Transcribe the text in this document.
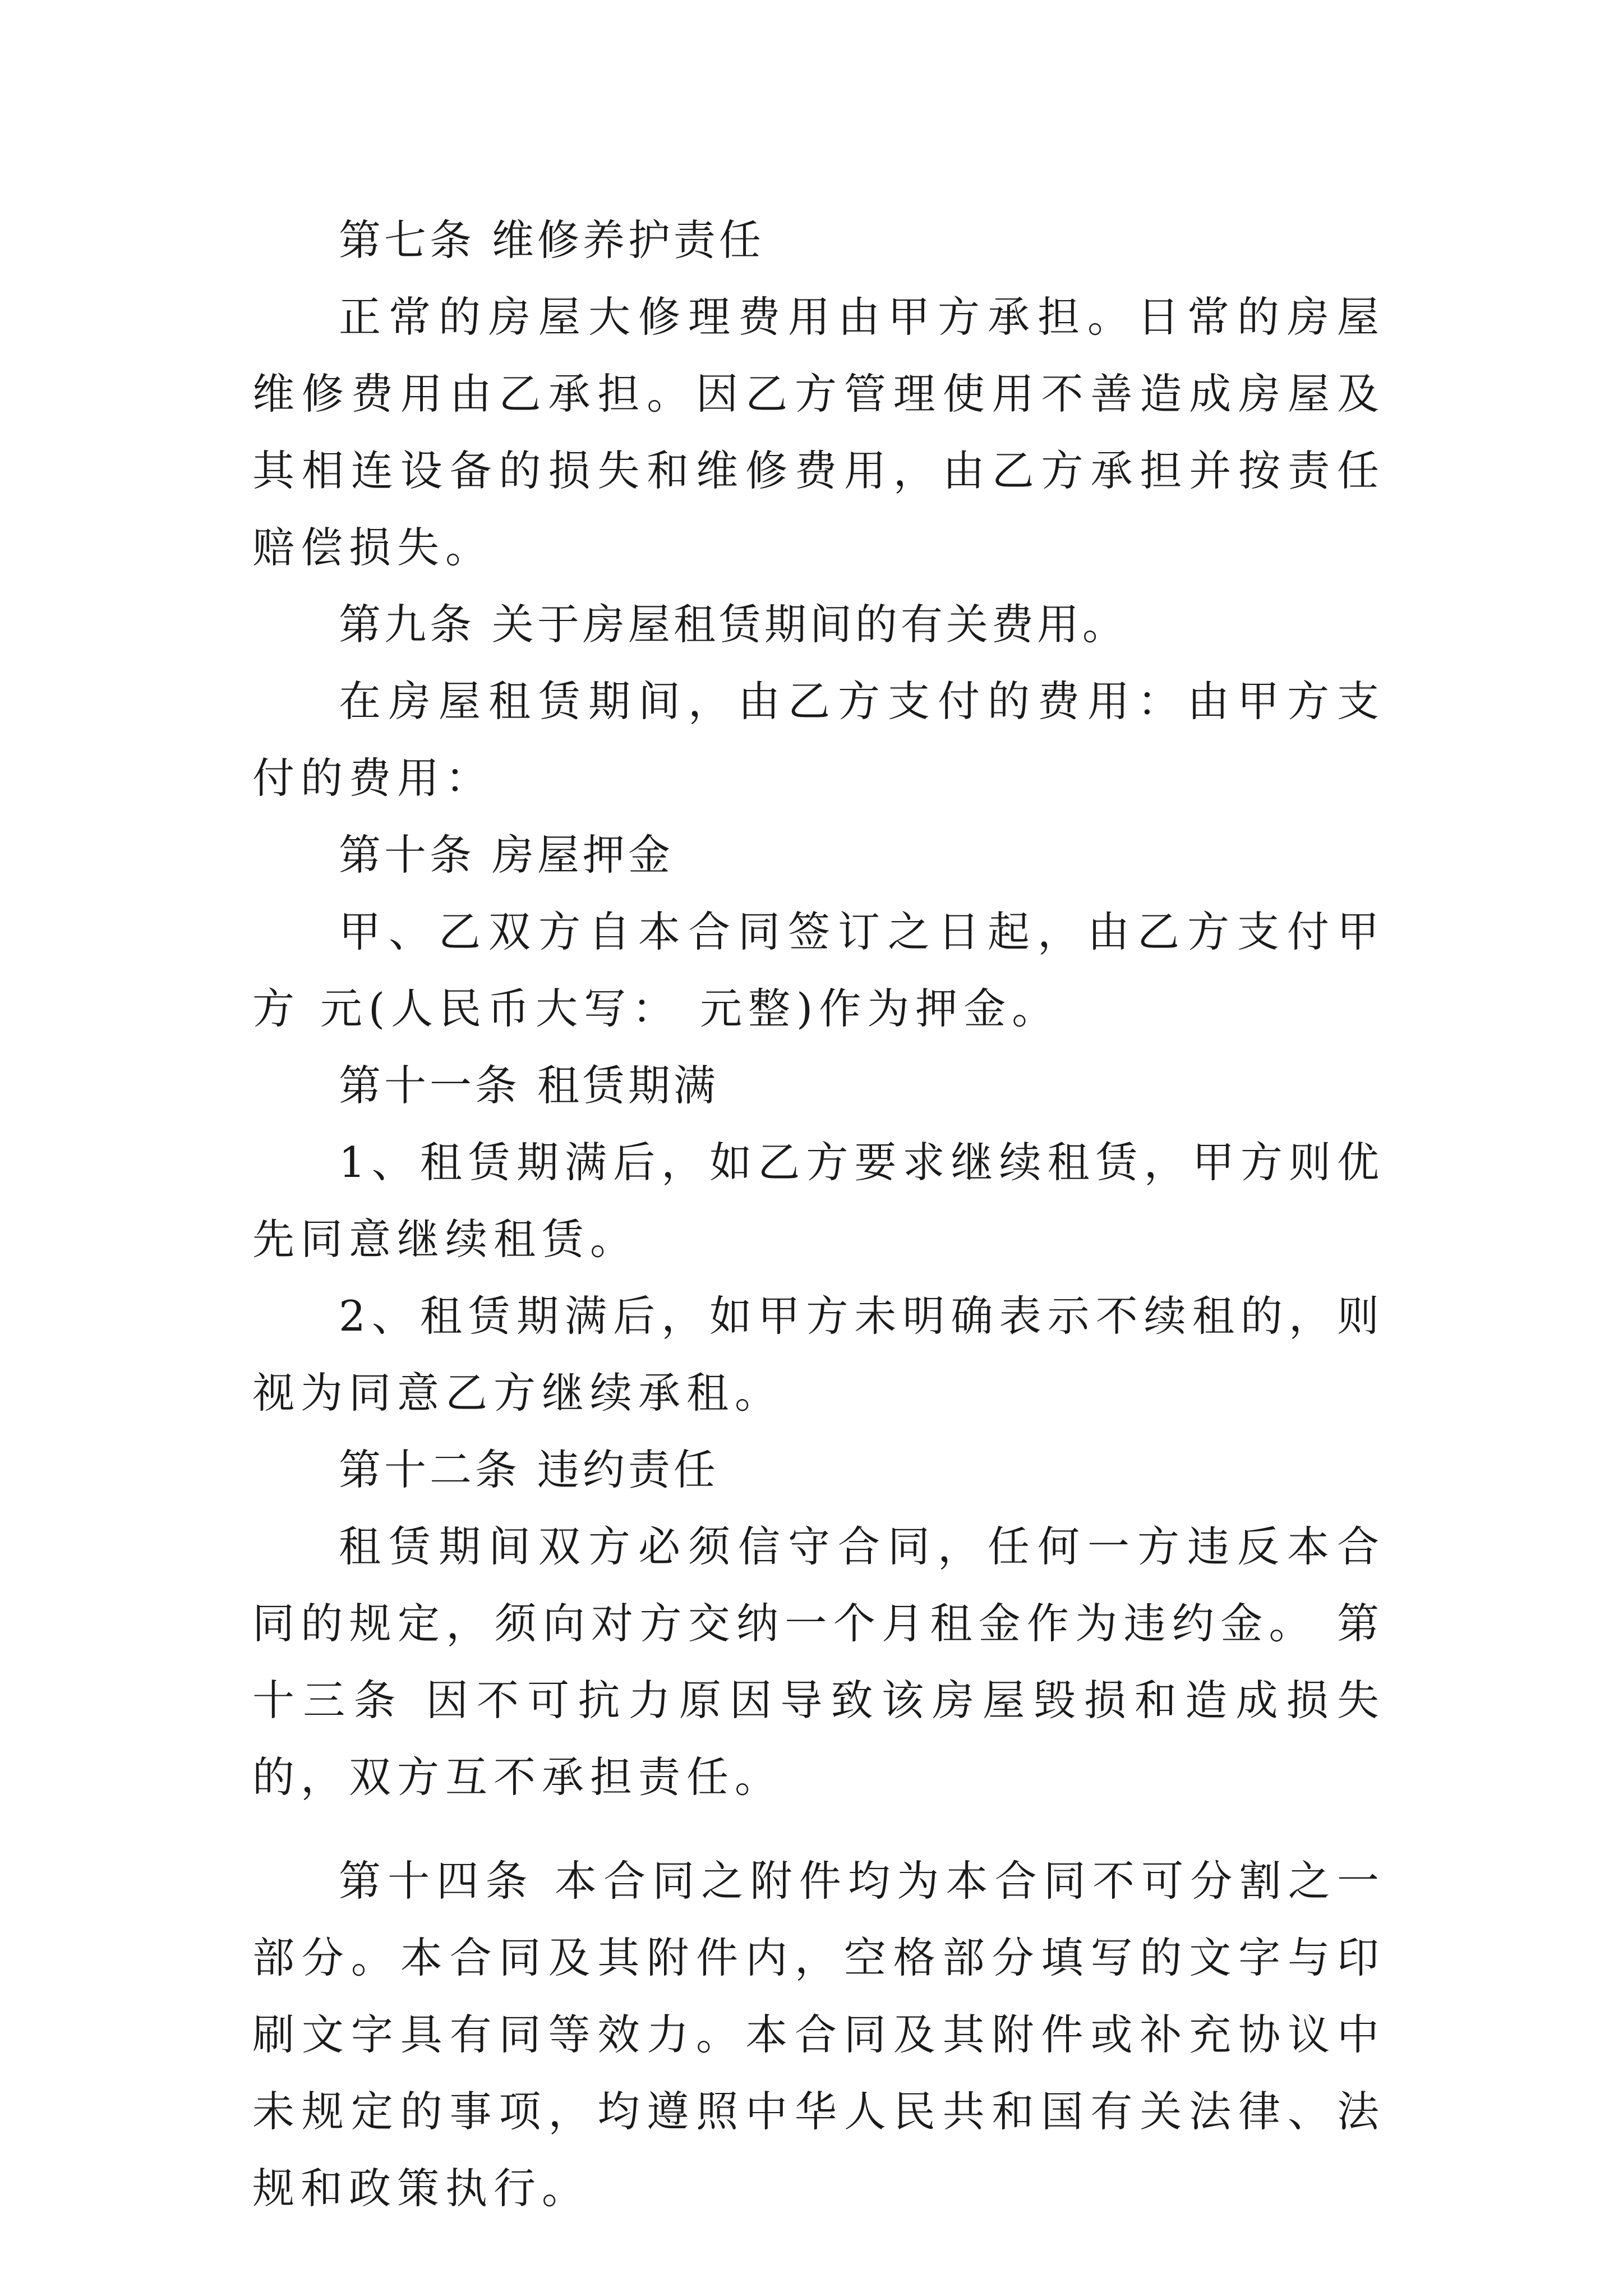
第七条 维修养护责任

正常的房屋大修理费用由甲方承担。日常的房屋维修费用由乙承担。因乙方管理使用不善造成房屋及其相连设备的损失和维修费用，由乙方承担并按责任赔偿损失。

第九条 关于房屋租赁期间的有关费用。

在房屋租赁期间，由乙方支付的费用：由甲方支付的费用：

第十条 房屋押金

甲、乙双方自本合同签订之日起，由乙方支付甲方 元(人民币大写： 元整)作为押金。

第十一条 租赁期满

1、租赁期满后，如乙方要求继续租赁，甲方则优先同意继续租赁。

2、租赁期满后，如甲方未明确表示不续租的，则视为同意乙方继续承租。

第十二条 违约责任

租赁期间双方必须信守合同，任何一方违反本合同的规定，须向对方交纳一个月租金作为违约金。 第十三条 因不可抗力原因导致该房屋毁损和造成损失的，双方互不承担责任。

第十四条 本合同之附件均为本合同不可分割之一部分。本合同及其附件内，空格部分填写的文字与印刷文字具有同等效力。本合同及其附件或补充协议中未规定的事项，均遵照中华人民共和国有关法律、法规和政策执行。
